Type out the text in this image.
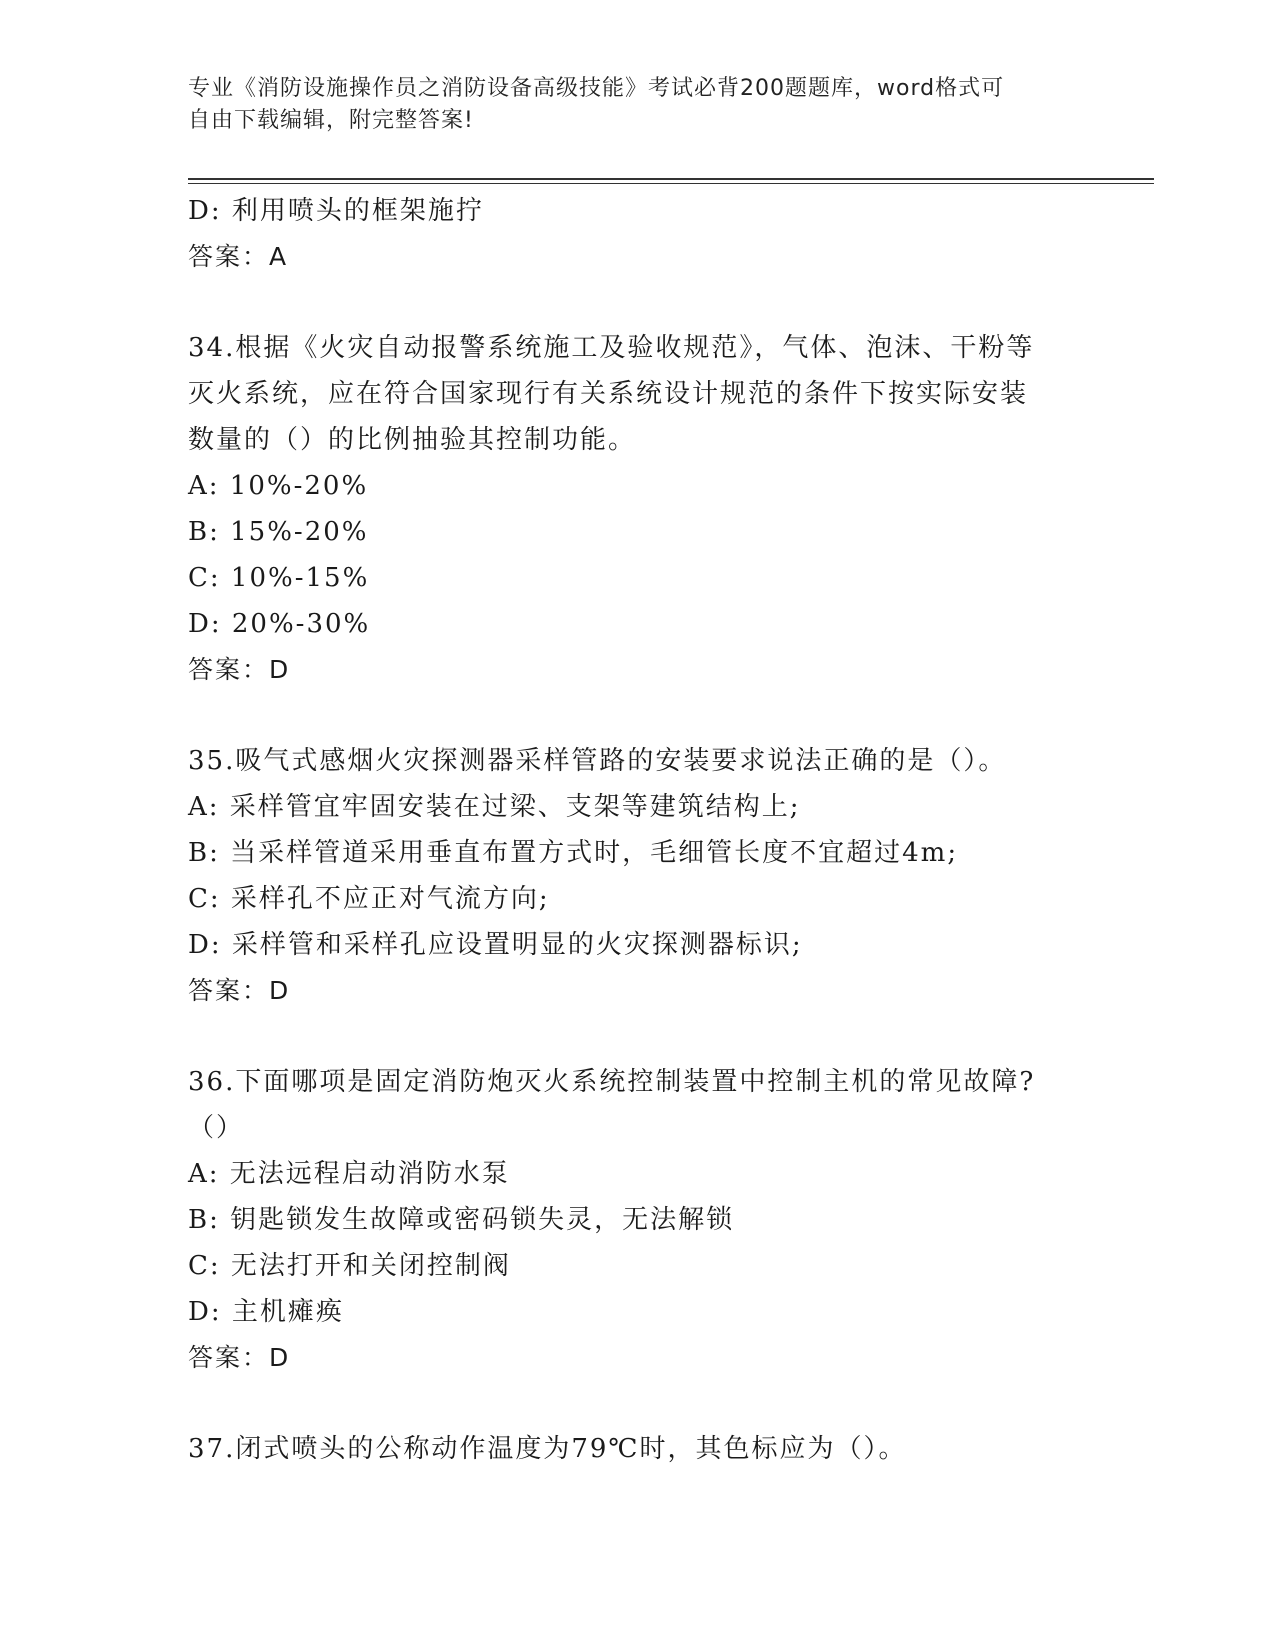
专业《消防设施操作员之消防设备高级技能》考试必背200题题库，word格式可
自由下载编辑，附完整答案!
D: 利用喷头的框架施拧
答案：A
34.根据《火灾自动报警系统施工及验收规范》，气体、泡沫、干粉等
灭火系统，应在符合国家现行有关系统设计规范的条件下按实际安装
数量的（）的比例抽验其控制功能。
A: 10%-20%
B: 15%-20%
C: 10%-15%
D: 20%-30%
答案：D
35.吸气式感烟火灾探测器采样管路的安装要求说法正确的是（）。
A: 采样管宜牢固安装在过梁、支架等建筑结构上;
B: 当采样管道采用垂直布置方式时，毛细管长度不宜超过4m;
C: 采样孔不应正对气流方向;
D: 采样管和采样孔应设置明显的火灾探测器标识;
答案：D
36.下面哪项是固定消防炮灭火系统控制装置中控制主机的常见故障?
（）
A: 无法远程启动消防水泵
B: 钥匙锁发生故障或密码锁失灵，无法解锁
C: 无法打开和关闭控制阀
D: 主机瘫痪
答案：D
37.闭式喷头的公称动作温度为79℃时，其色标应为（）。
